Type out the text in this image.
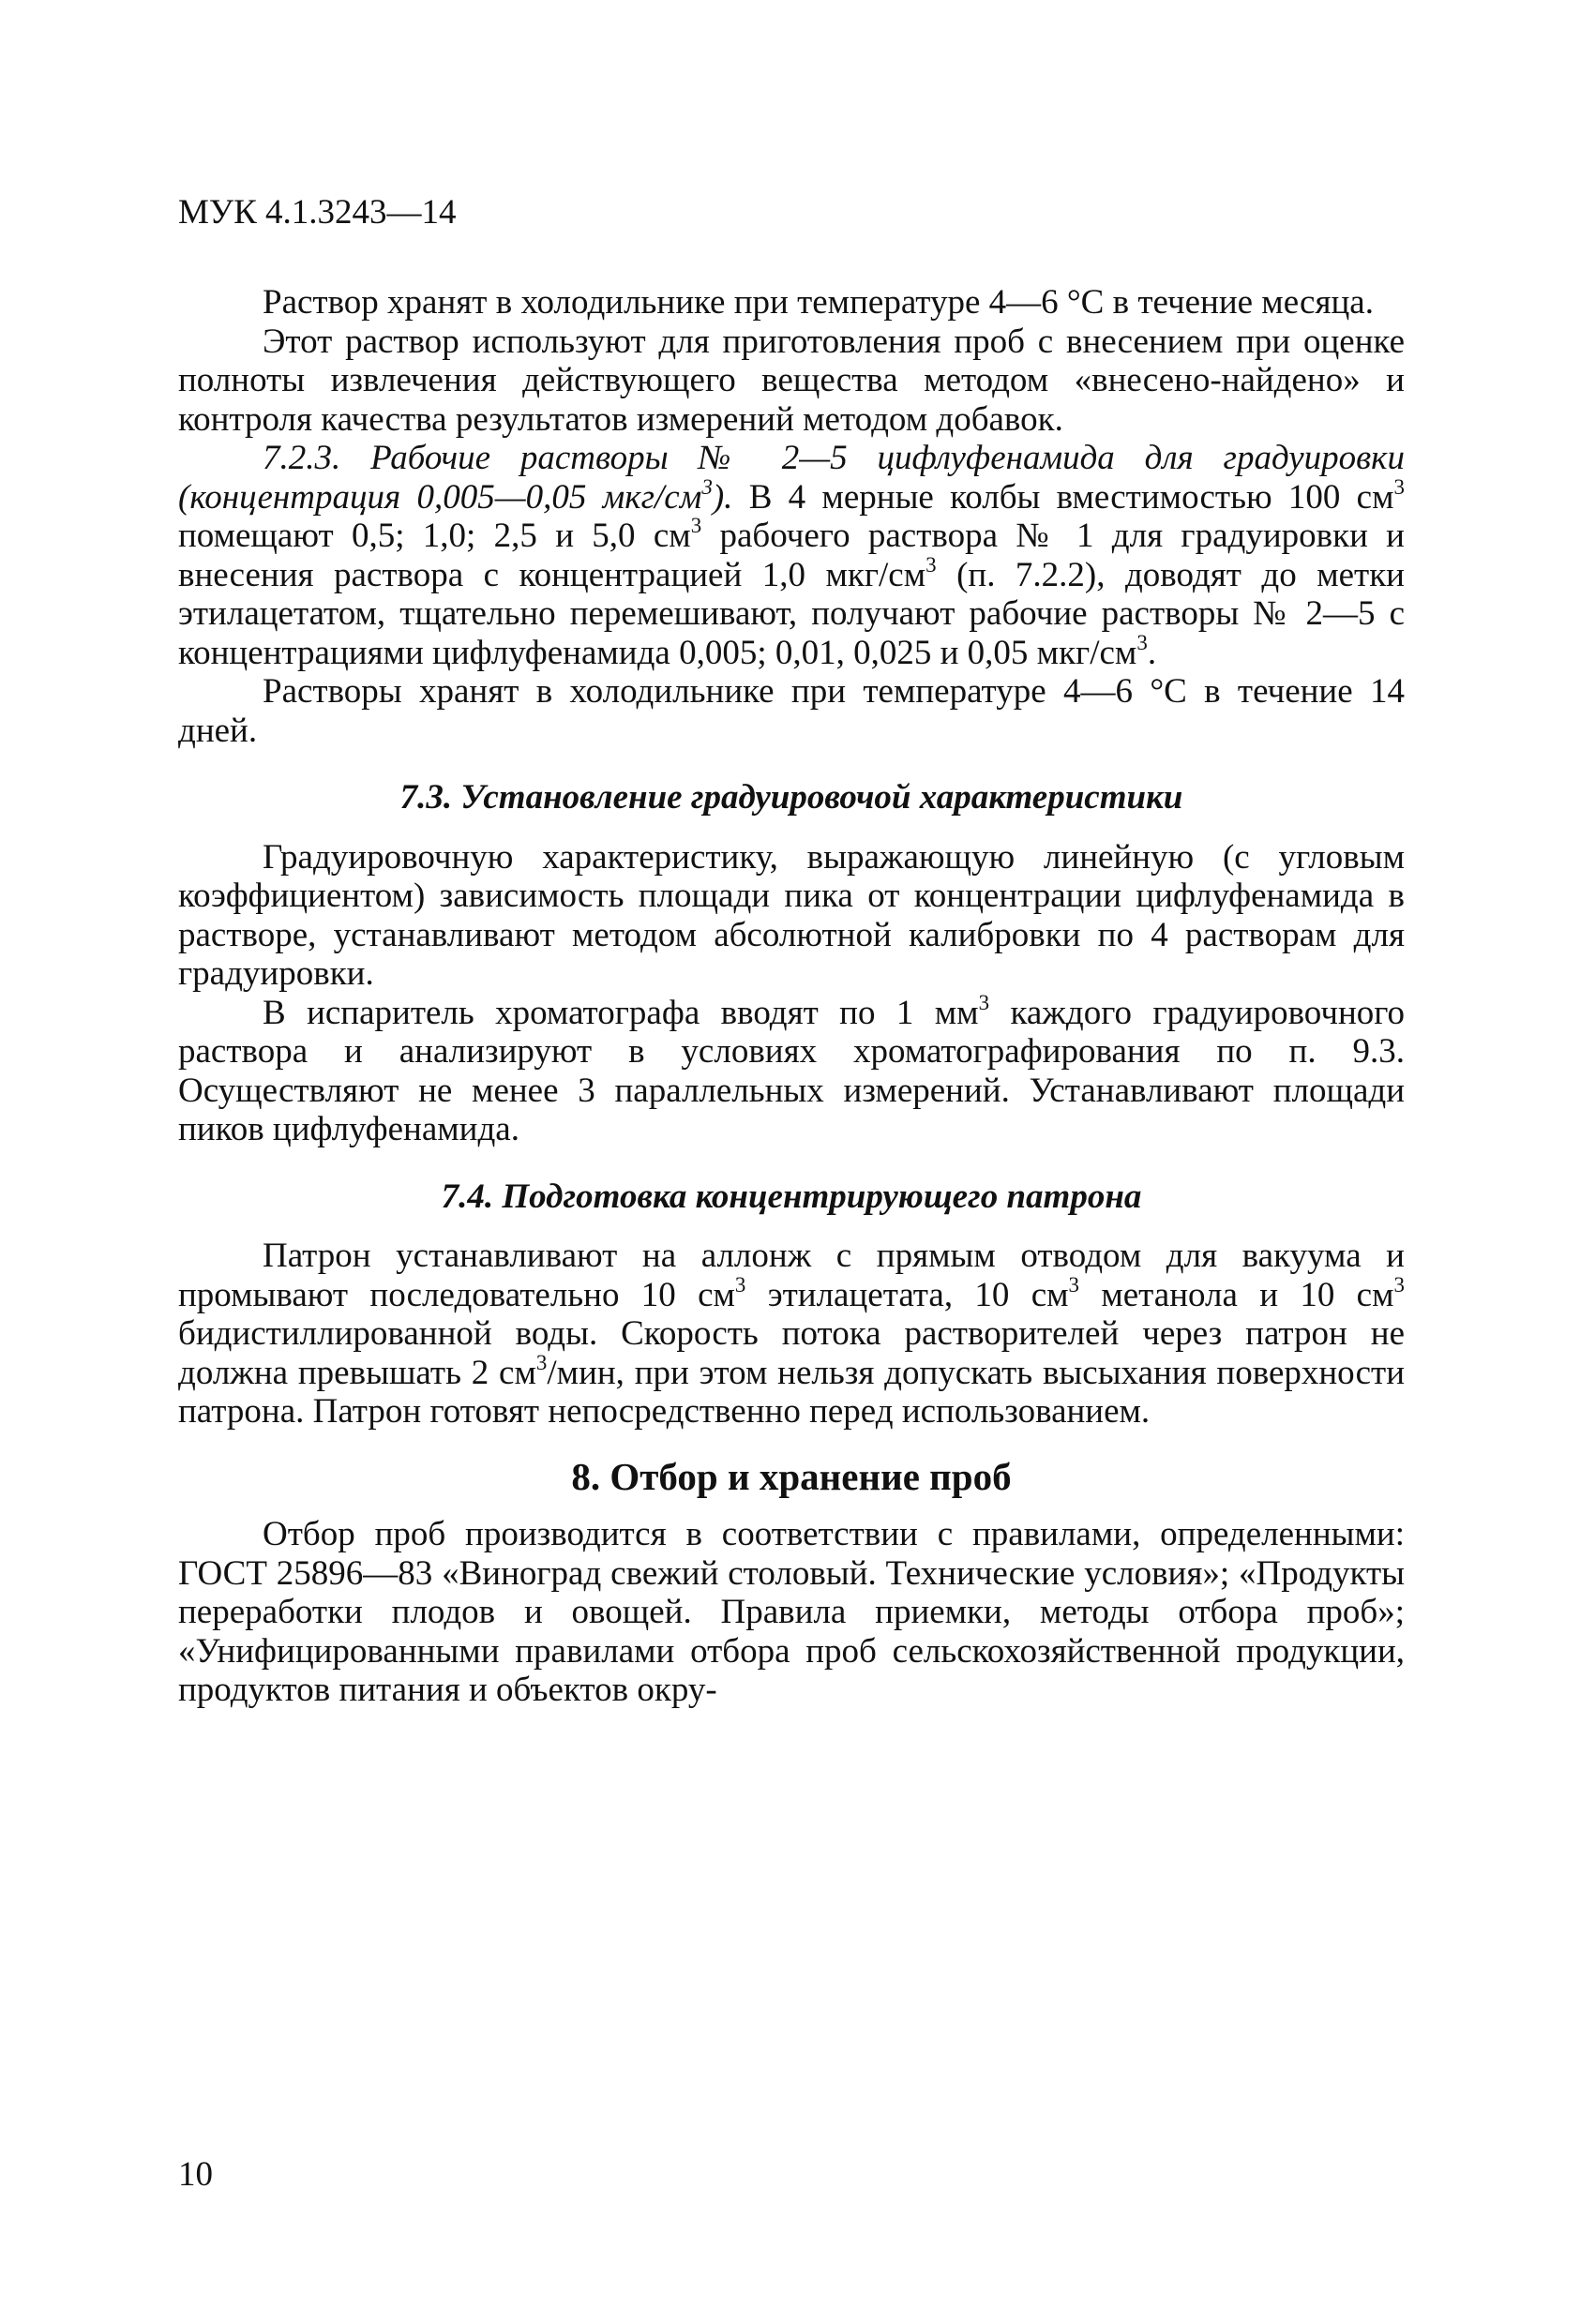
МУК 4.1.3243—14

Раствор хранят в холодильнике при температуре 4—6 °С в течение месяца.

Этот раствор используют для приготовления проб с внесением при оценке полноты извлечения действующего вещества методом «внесено-найдено» и контроля качества результатов измерений методом добавок.

7.2.3. Рабочие растворы № 2—5 цифлуфенамида для градуировки (концентрация 0,005—0,05 мкг/$см^3$). В 4 мерные колбы вместимостью 100 $см^3$ помещают 0,5; 1,0; 2,5 и 5,0 $см^3$ рабочего раствора № 1 для градуировки и внесения раствора с концентрацией 1,0 мкг/$см^3$ (п. 7.2.2), доводят до метки этилацетатом, тщательно перемешивают, получают рабочие растворы № 2—5 с концентрациями цифлуфенамида 0,005; 0,01, 0,025 и 0,05 мкг/$см^3$.

Растворы хранят в холодильнике при температуре 4—6 °С в течение 14 дней.

7.3. Установление градуировочой характеристики

Градуировочную характеристику, выражающую линейную (с угловым коэффициентом) зависимость площади пика от концентрации цифлуфенамида в растворе, устанавливают методом абсолютной калибровки по 4 растворам для градуировки.

В испаритель хроматографа вводят по 1 $мм^3$ каждого градуировочного раствора и анализируют в условиях хроматографирования по п. 9.3. Осуществляют не менее 3 параллельных измерений. Устанавливают площади пиков цифлуфенамида.

7.4. Подготовка концентрирующего патрона

Патрон устанавливают на аллонж с прямым отводом для вакуума и промывают последовательно 10 $см^3$ этилацетата, 10 $см^3$ метанола и 10 $см^3$ бидистиллированной воды. Скорость потока растворителей через патрон не должна превышать 2 $см^3$/мин, при этом нельзя допускать высыхания поверхности патрона. Патрон готовят непосредственно перед использованием.

8. Отбор и хранение проб

Отбор проб производится в соответствии с правилами, определенными: ГОСТ 25896—83 «Виноград свежий столовый. Технические условия»; «Продукты переработки плодов и овощей. Правила приемки, методы отбора проб»; «Унифицированными правилами отбора проб сельскохозяйственной продукции, продуктов питания и объектов окру-

10
